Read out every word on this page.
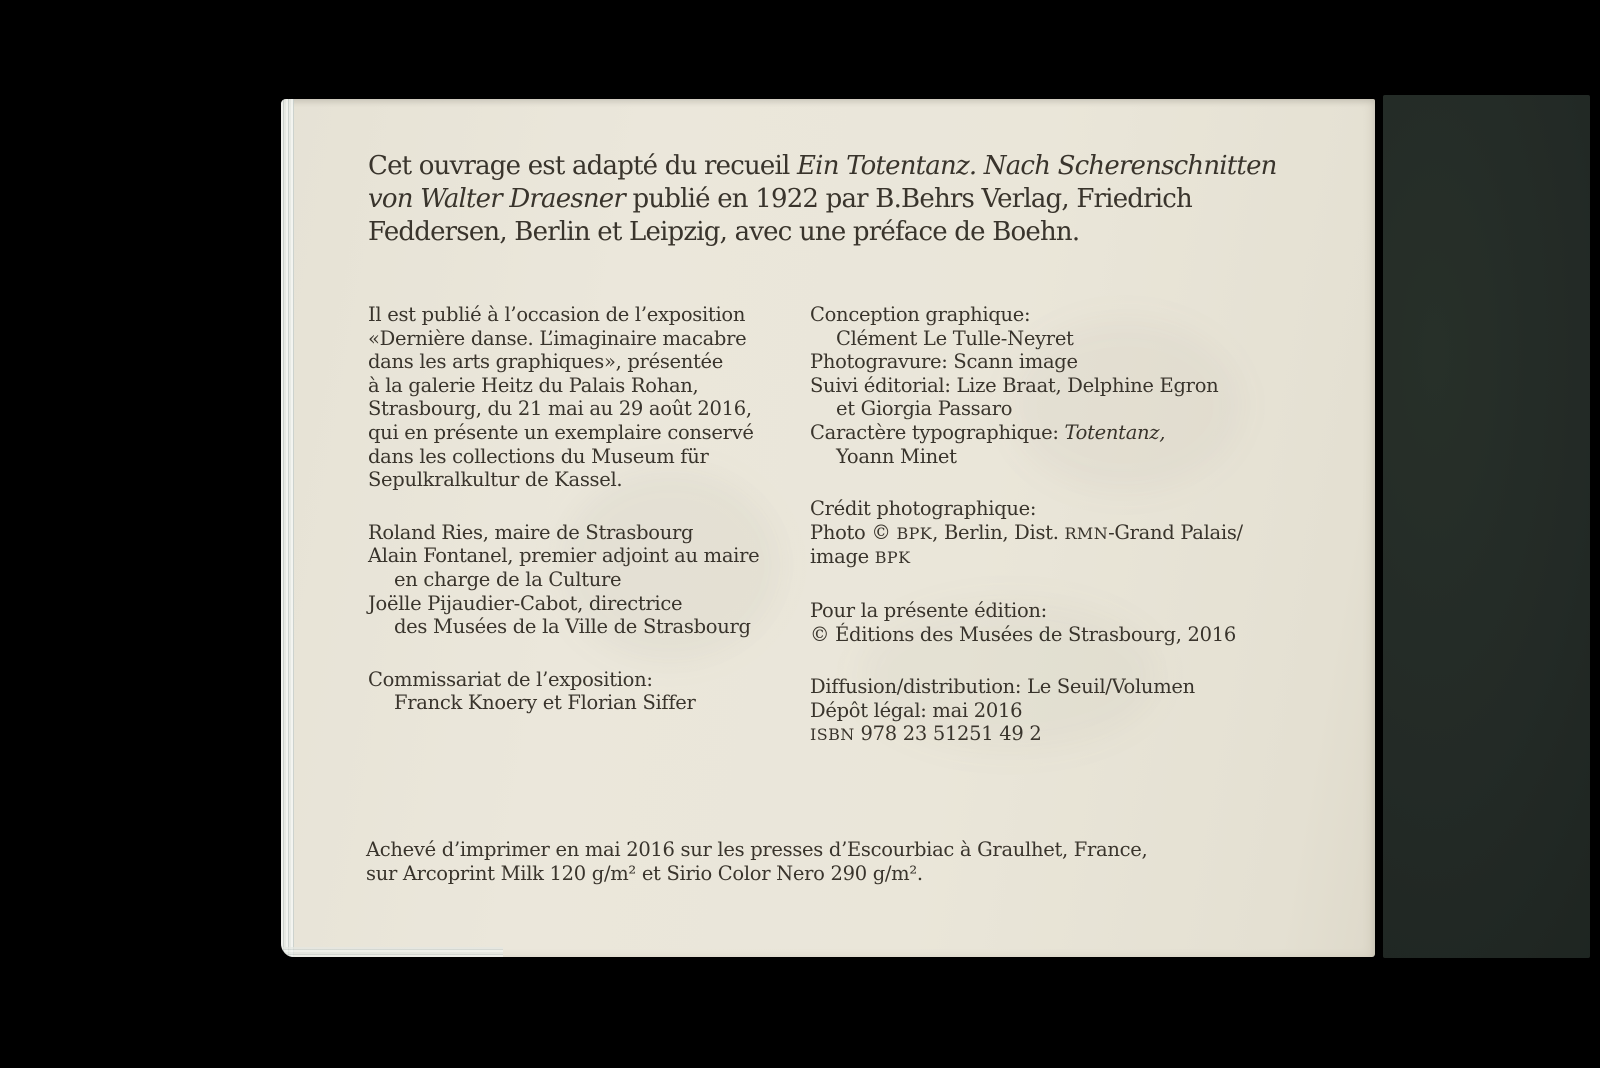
Cet ouvrage est adapté du recueil Ein Totentanz. Nach Scherenschnitten
von Walter Draesner publié en 1922 par B.Behrs Verlag, Friedrich
Feddersen, Berlin et Leipzig, avec une préface de Boehn.
Il est publié à l’occasion de l’exposition
«Dernière danse. L’imaginaire macabre
dans les arts graphiques», présentée
à la galerie Heitz du Palais Rohan,
Strasbourg, du 21 mai au 29 août 2016,
qui en présente un exemplaire conservé
dans les collections du Museum für
Sepulkralkultur de Kassel.
Roland Ries, maire de Strasbourg
Alain Fontanel, premier adjoint au maire
en charge de la Culture
Joëlle Pijaudier-Cabot, directrice
des Musées de la Ville de Strasbourg
Commissariat de l’exposition:
Franck Knoery et Florian Siffer
Conception graphique:
Clément Le Tulle-Neyret
Photogravure: Scann image
Suivi éditorial: Lize Braat, Delphine Egron
et Giorgia Passaro
Caractère typographique: Totentanz,
Yoann Minet
Crédit photographique:
Photo © BPK, Berlin, Dist. RMN-Grand Palais/
image BPK
Pour la présente édition:
© Éditions des Musées de Strasbourg, 2016
Diffusion/distribution: Le Seuil/Volumen
Dépôt légal: mai 2016
ISBN 978 23 51251 49 2
Achevé d’imprimer en mai 2016 sur les presses d’Escourbiac à Graulhet, France,
sur Arcoprint Milk 120 g/m² et Sirio Color Nero 290 g/m².
